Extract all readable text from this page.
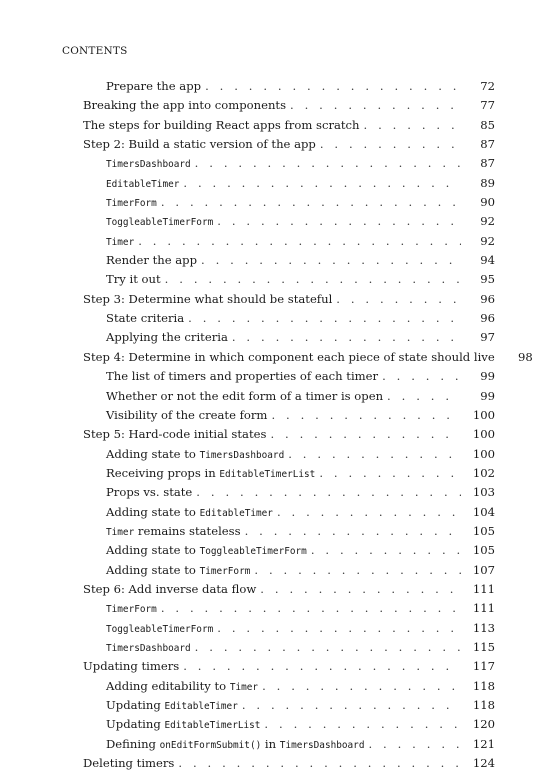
CONTENTS
Prepare the app . . .	72
Breaking the app into components . . .	77
The steps for building React apps from scratch . . .	85
Step 2: Build a static version of the app . . .	87
TimersDashboard . . .	87
EditableTimer . . .	89
TimerForm . . .	90
ToggleableTimerForm . . .	92
Timer . . .	92
Render the app . . .	94
Try it out . . .	95
Step 3: Determine what should be stateful . . .	96
State criteria . . .	96
Applying the criteria . . .	97
Step 4: Determine in which component each piece of state should live	98
The list of timers and properties of each timer . . .	99
Whether or not the edit form of a timer is open . . .	99
Visibility of the create form . . .	100
Step 5: Hard-code initial states . . .	100
Adding state to TimersDashboard . . .	100
Receiving props in EditableTimerList . . .	102
Props vs. state . . .	103
Adding state to EditableTimer . . .	104
Timer remains stateless . . .	105
Adding state to ToggleableTimerForm . . .	105
Adding state to TimerForm . . .	107
Step 6: Add inverse data flow . . .	111
TimerForm . . .	111
ToggleableTimerForm . . .	113
TimersDashboard . . .	115
Updating timers . . .	117
Adding editability to Timer . . .	118
Updating EditableTimer . . .	118
Updating EditableTimerList . . .	120
Defining onEditFormSubmit() in TimersDashboard . . .	121
Deleting timers . . .	124
